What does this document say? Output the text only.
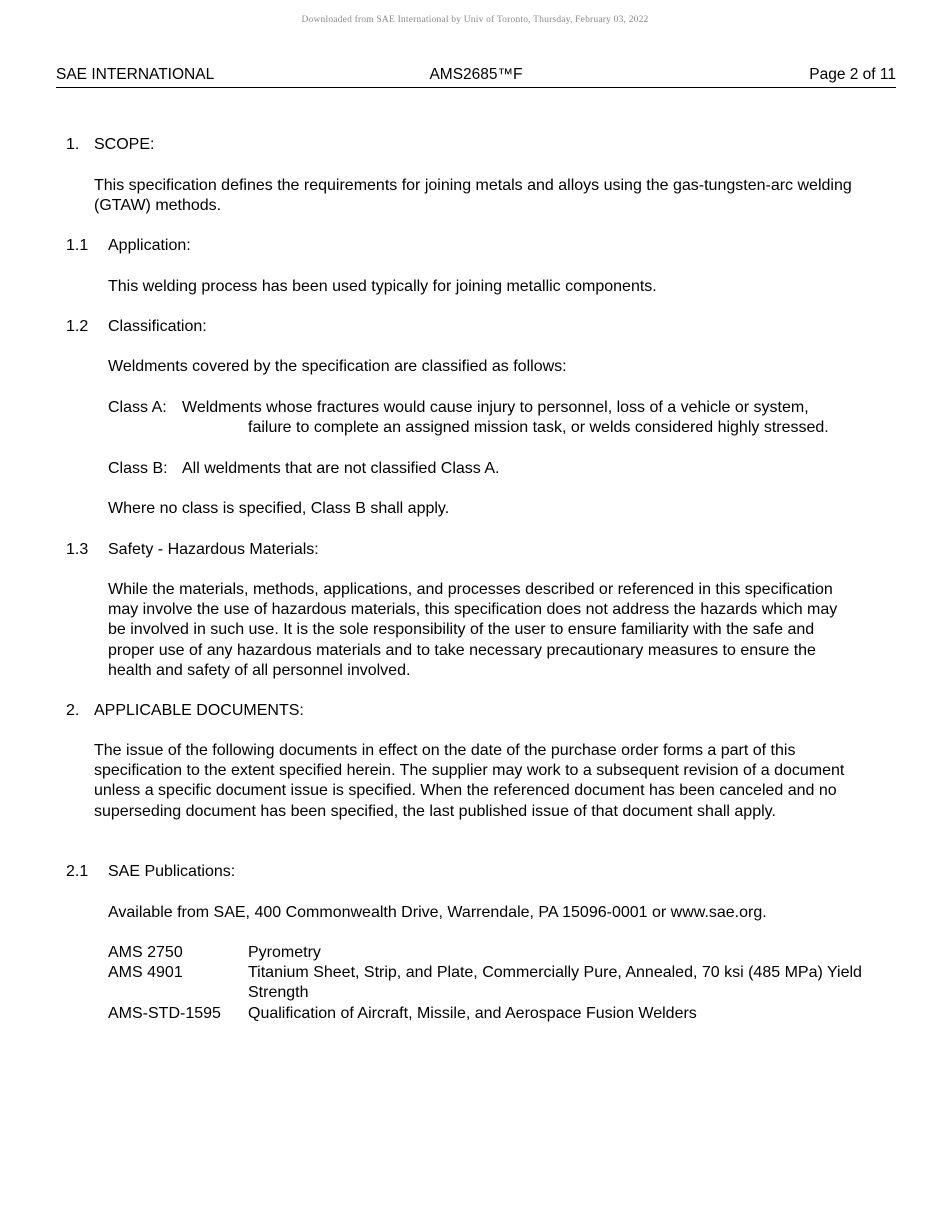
Downloaded from SAE International by Univ of Toronto, Thursday, February 03, 2022
SAE INTERNATIONAL	AMS2685™F	Page 2 of 11
1. SCOPE:
This specification defines the requirements for joining metals and alloys using the gas-tungsten-arc welding (GTAW) methods.
1.1 Application:
This welding process has been used typically for joining metallic components.
1.2 Classification:
Weldments covered by the specification are classified as follows:
Class A: Weldments whose fractures would cause injury to personnel, loss of a vehicle or system,
failure to complete an assigned mission task, or welds considered highly stressed.
Class B: All weldments that are not classified Class A.
Where no class is specified, Class B shall apply.
1.3 Safety - Hazardous Materials:
While the materials, methods, applications, and processes described or referenced in this specification may involve the use of hazardous materials, this specification does not address the hazards which may be involved in such use. It is the sole responsibility of the user to ensure familiarity with the safe and proper use of any hazardous materials and to take necessary precautionary measures to ensure the health and safety of all personnel involved.
2. APPLICABLE DOCUMENTS:
The issue of the following documents in effect on the date of the purchase order forms a part of this specification to the extent specified herein. The supplier may work to a subsequent revision of a document unless a specific document issue is specified. When the referenced document has been canceled and no superseding document has been specified, the last published issue of that document shall apply.
2.1 SAE Publications:
Available from SAE, 400 Commonwealth Drive, Warrendale, PA 15096-0001 or www.sae.org.
AMS 2750	Pyrometry
AMS 4901	Titanium Sheet, Strip, and Plate, Commercially Pure, Annealed, 70 ksi (485 MPa) Yield Strength
AMS-STD-1595 Qualification of Aircraft, Missile, and Aerospace Fusion Welders
